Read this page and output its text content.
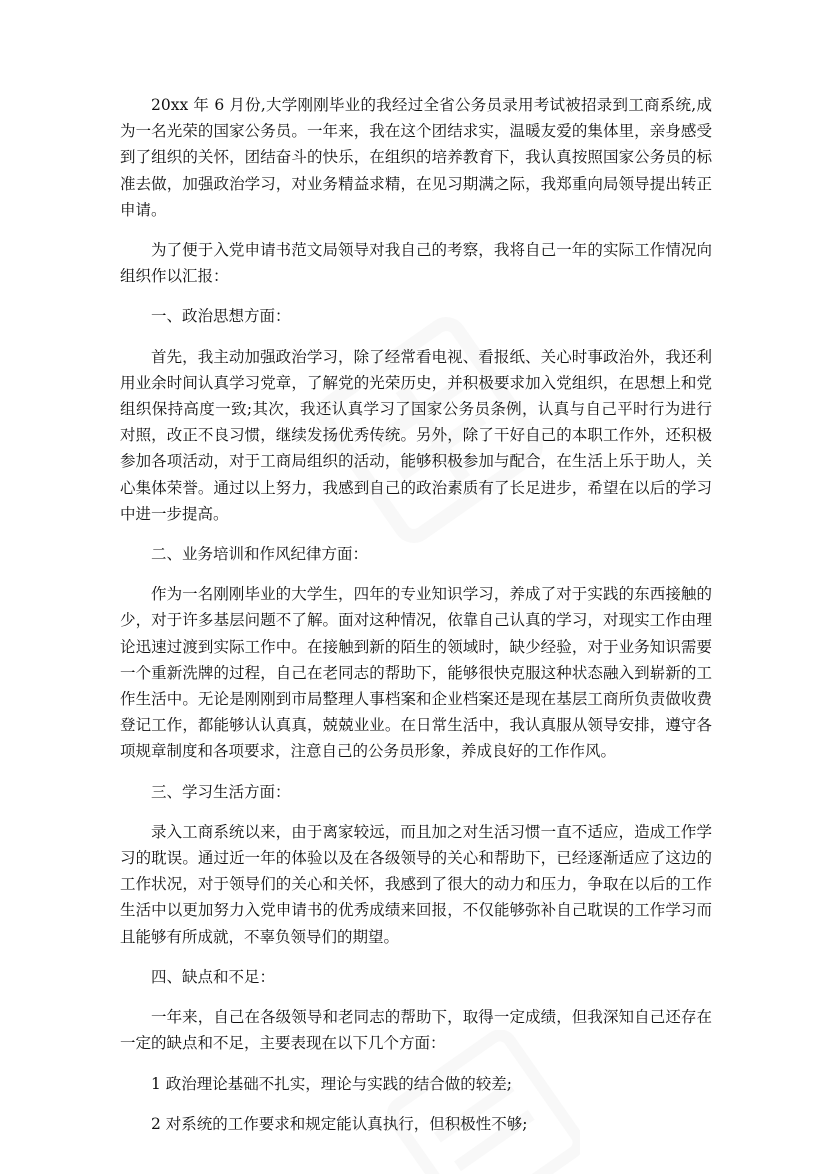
20xx 年 6 月份,大学刚刚毕业的我经过全省公务员录用考试被招录到工商系统,成为一名光荣的国家公务员。一年来，我在这个团结求实，温暖友爱的集体里，亲身感受到了组织的关怀，团结奋斗的快乐，在组织的培养教育下，我认真按照国家公务员的标准去做，加强政治学习，对业务精益求精，在见习期满之际，我郑重向局领导提出转正申请。

为了便于入党申请书范文局领导对我自己的考察，我将自己一年的实际工作情况向组织作以汇报：

一、政治思想方面：

首先，我主动加强政治学习，除了经常看电视、看报纸、关心时事政治外，我还利用业余时间认真学习党章，了解党的光荣历史，并积极要求加入党组织，在思想上和党组织保持高度一致;其次，我还认真学习了国家公务员条例，认真与自己平时行为进行对照，改正不良习惯，继续发扬优秀传统。另外，除了干好自己的本职工作外，还积极参加各项活动，对于工商局组织的活动，能够积极参加与配合，在生活上乐于助人，关心集体荣誉。通过以上努力，我感到自己的政治素质有了长足进步，希望在以后的学习中进一步提高。

二、业务培训和作风纪律方面：

作为一名刚刚毕业的大学生，四年的专业知识学习，养成了对于实践的东西接触的少，对于许多基层问题不了解。面对这种情况，依靠自己认真的学习，对现实工作由理论迅速过渡到实际工作中。在接触到新的陌生的领域时，缺少经验，对于业务知识需要一个重新洗牌的过程，自己在老同志的帮助下，能够很快克服这种状态融入到崭新的工作生活中。无论是刚刚到市局整理人事档案和企业档案还是现在基层工商所负责做收费登记工作，都能够认认真真，兢兢业业。在日常生活中，我认真服从领导安排，遵守各项规章制度和各项要求，注意自己的公务员形象，养成良好的工作作风。

三、学习生活方面：

录入工商系统以来，由于离家较远，而且加之对生活习惯一直不适应，造成工作学习的耽误。通过近一年的体验以及在各级领导的关心和帮助下，已经逐渐适应了这边的工作状况，对于领导们的关心和关怀，我感到了很大的动力和压力，争取在以后的工作生活中以更加努力入党申请书的优秀成绩来回报，不仅能够弥补自己耽误的工作学习而且能够有所成就，不辜负领导们的期望。

四、缺点和不足：

一年来，自己在各级领导和老同志的帮助下，取得一定成绩，但我深知自己还存在一定的缺点和不足，主要表现在以下几个方面：

1 政治理论基础不扎实，理论与实践的结合做的较差;

2 对系统的工作要求和规定能认真执行，但积极性不够;
